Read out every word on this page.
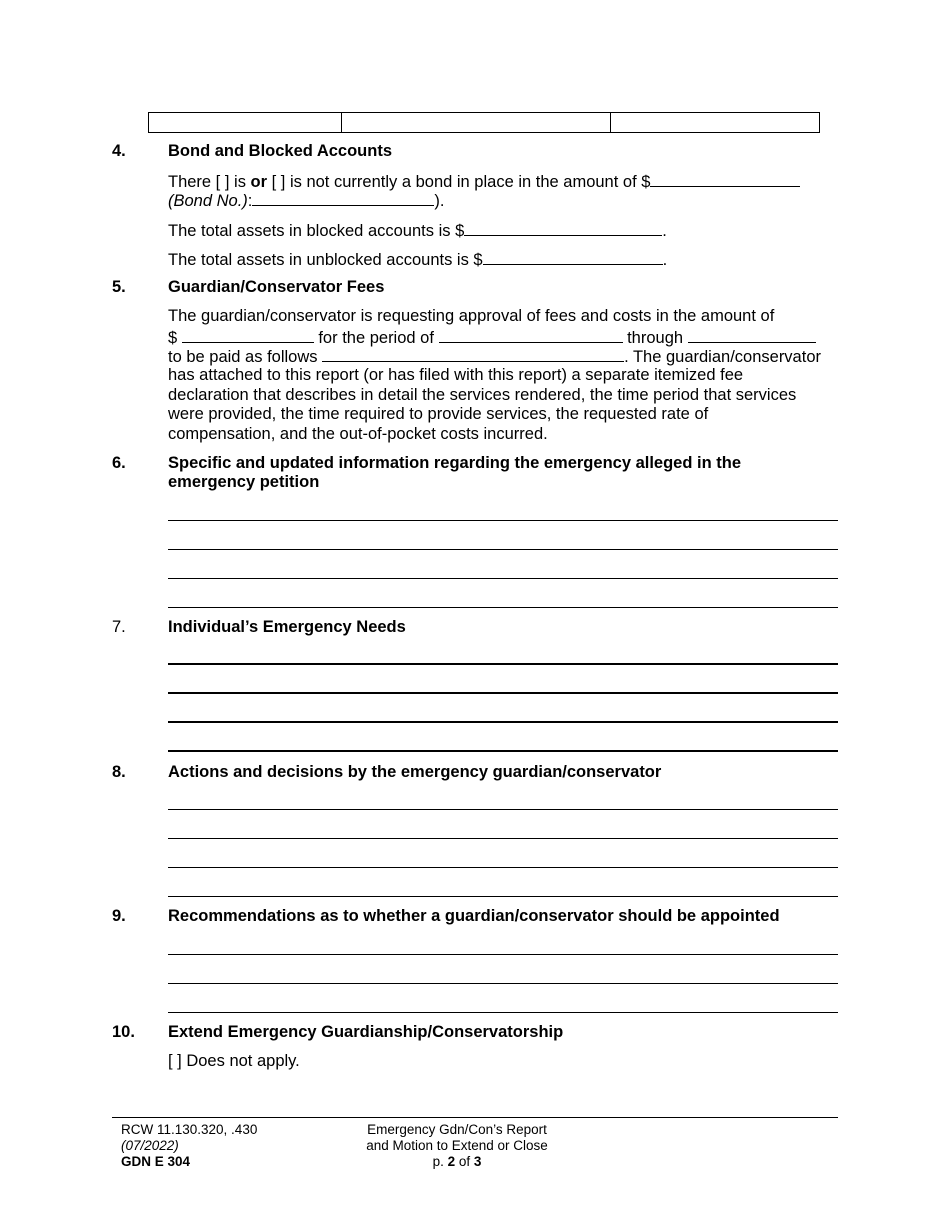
4.	Bond and Blocked Accounts
There [ ] is or [ ] is not currently a bond in place in the amount of $
(Bond No.):	).
The total assets in blocked accounts is $	.
The total assets in unblocked accounts is $	.
5.	Guardian/Conservator Fees
The guardian/conservator is requesting approval of fees and costs in the amount of
$	for the period of	through
to be paid as follows	. The guardian/conservator
has attached to this report (or has filed with this report) a separate itemized fee
declaration that describes in detail the services rendered, the time period that services
were provided, the time required to provide services, the requested rate of
compensation, and the out-of-pocket costs incurred.
6.	Specific and updated information regarding the emergency alleged in the
emergency petition
7.	Individual’s Emergency Needs
8.	Actions and decisions by the emergency guardian/conservator
9.	Recommendations as to whether a guardian/conservator should be appointed
10. Extend Emergency Guardianship/Conservatorship
[ ] Does not apply.
RCW 11.130.320, .430
(07/2022)
GDN E 304
Emergency Gdn/Con’s Report
and Motion to Extend or Close
p. 2 of 3
